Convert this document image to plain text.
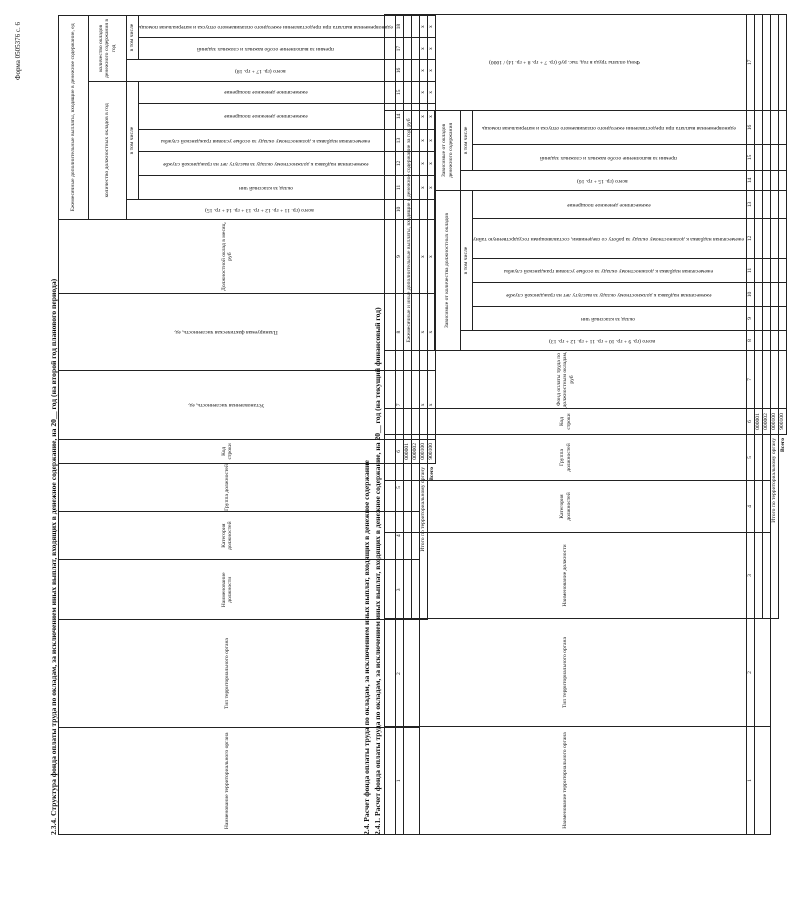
Форма 0505376 с. 6
2.3.4. Структура фонда оплаты труда по окладам, за исключением иных выплат, входящих в денежное содержание, на 20__ год (на второй год планового периода)	Наименование территориального органа	Тип территориального органа	Наименование должности	Категория должностей	Группа должностей	Код строки	Установленная численность, ед.	Планируемая фактическая численность, ед.	Должностной оклад в месяц, руб	Ежемесячные дополнительные выплаты, входящие в денежное содержание, ед								
									количество должностных окладов в год						количество окладов денежного содержания в год		
									всего (гр. 11 + гр. 12 + гр. 13 + гр. 14 + гр. 15)	в том числе					всего (гр. 17 + гр. 18)	в том числе	
										оклад за классный чин	ежемесячная надбавка к должностному окладу за выслугу лет на гражданской службе	ежемесячная надбавка к должностному окладу за особые условия гражданской службы	ежемесячное денежное поощрение	ежемесячное денежное поощрение		премии за выполнение особо важных и сложных заданий	единовременная выплата при предоставлении ежегодного оплачиваемого отпуска и материальная помощь
1	2	3	4	5	6	7	8	9	10	11	12	13	14	15	16	17	18
					000001												
					000002												
		Итого по территориальному органу			000100	x	x	x		x	x	x	x	x	x	x	x
		Всего			900100	x	x	x		x	x	x	x	x	x	x	x
2.4. Расчет фонда оплаты труда по окладам, за исключением иных выплат, входящих в денежное содержание 2.4.1. Расчет фонда оплаты труда по окладам, за исключением иных выплат, входящих в денежное содержание, на 20__ год (на текущий финансовый год)	Наименование территориального органа	Тип территориального органа	Наименование должности	Категория должностей	Группа должностей	Код строки	Фонд оплаты труда по должностным окладам, руб	Ежемесячные и иные дополнительные выплаты, входящие в денежное содержание за год, руб									Фонд оплаты труда в год, тыс. руб (гр. 7 + гр. 8 + гр. 14) / 1000)
							Зависимые от количества должностных окладов						Зависимые от окладов денежного содержания			
							всего (гр. 9 + гр. 10 + гр. 11 + гр. 12 + гр. 13)	в том числе					всего (гр. 15 + гр. 16)	в том числе		
								оклад за классный чин	ежемесячная надбавка к должностному окладу за выслугу лет на гражданской службе	ежемесячная надбавка к должностному окладу за особые условия гражданской службы	ежемесячная надбавка к должностному окладу за работу со сведениями, составляющими государственную тайну	ежемесячное денежное поощрение		премии за выполнение особо важных и сложных заданий	единовременная выплата при предоставлении ежегодного оплачиваемого отпуска и материальная помощь	
1	2	3	4	5	6	7	8	9	10	11	12	13	14	15	16	17
					000001											
					000002											
		Итого по территориальному органу			000100											
		Всего			900100											
